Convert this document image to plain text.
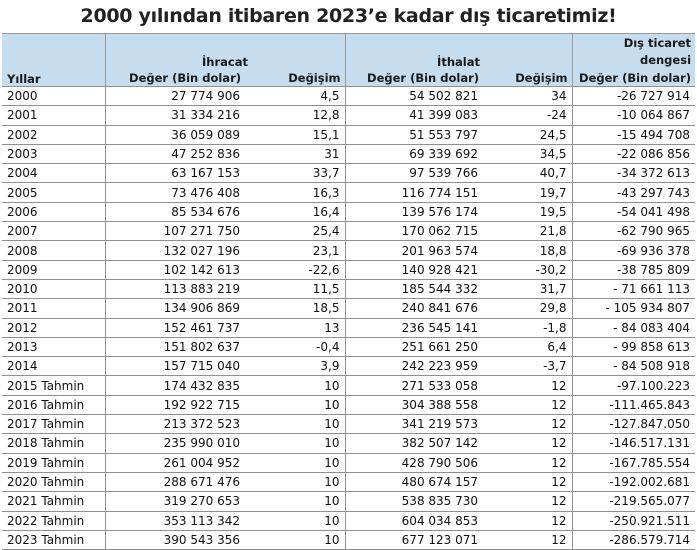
2000 yılından itibaren 2023’e kadar dış ticaretimiz!
Yıllar	İhracat		İthalat		Dış ticaret
dengesi
	Değer (Bin dolar)	Değişim	Değer (Bin dolar)	Değişim	Değer (Bin dolar)
2000	27 774 906	4,5	54 502 821	34	-26 727 914
2001	31 334 216	12,8	41 399 083	-24	-10 064 867
2002	36 059 089	15,1	51 553 797	24,5	-15 494 708
2003	47 252 836	31	69 339 692	34,5	-22 086 856
2004	63 167 153	33,7	97 539 766	40,7	-34 372 613
2005	73 476 408	16,3	116 774 151	19,7	-43 297 743
2006	85 534 676	16,4	139 576 174	19,5	-54 041 498
2007	107 271 750	25,4	170 062 715	21,8	-62 790 965
2008	132 027 196	23,1	201 963 574	18,8	-69 936 378
2009	102 142 613	-22,6	140 928 421	-30,2	-38 785 809
2010	113 883 219	11,5	185 544 332	31,7	- 71 661 113
2011	134 906 869	18,5	240 841 676	29,8	- 105 934 807
2012	152 461 737	13	236 545 141	-1,8	- 84 083 404
2013	151 802 637	-0,4	251 661 250	6,4	- 99 858 613
2014	157 715 040	3,9	242 223 959	-3,7	- 84 508 918
2015 Tahmin	174 432 835	10	271 533 058	12	-97.100.223
2016 Tahmin	192 922 715	10	304 388 558	12	-111.465.843
2017 Tahmin	213 372 523	10	341 219 573	12	-127.847.050
2018 Tahmin	235 990 010	10	382 507 142	12	-146.517.131
2019 Tahmin	261 004 952	10	428 790 506	12	-167.785.554
2020 Tahmin	288 671 476	10	480 674 157	12	-192.002.681
2021 Tahmin	319 270 653	10	538 835 730	12	-219.565.077
2022 Tahmin	353 113 342	10	604 034 853	12	-250.921.511
2023 Tahmin	390 543 356	10	677 123 071	12	-286.579.714
